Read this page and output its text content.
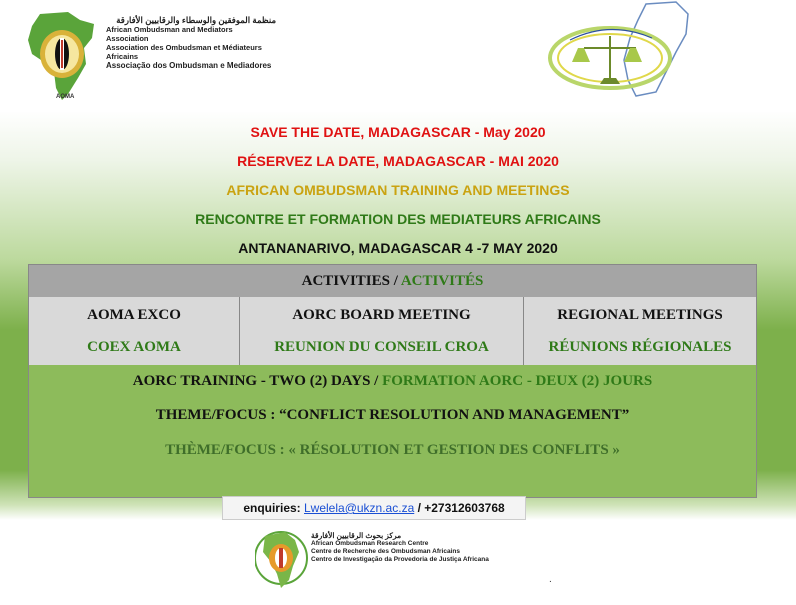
AOMA
منظمة الموفقين والوسطاء والرقابيين الأفارقة
African Ombudsman and Mediators Association
Association des Ombudsman et Médiateurs Africains
Associação dos Ombudsman e Mediadores
SAVE THE DATE, MADAGASCAR - May 2020
RÉSERVEZ LA DATE, MADAGASCAR - MAI 2020
AFRICAN OMBUDSMAN TRAINING AND MEETINGS
RENCONTRE ET FORMATION DES MEDIATEURS AFRICAINS
ANTANANARIVO, MADAGASCAR 4 -7 MAY 2020
ACTIVITIES / ACTIVITÉS
AOMA EXCO
COEX AOMA
AORC BOARD MEETING
REUNION DU CONSEIL CROA
REGIONAL MEETINGS
RÉUNIONS RÉGIONALES
AORC TRAINING - TWO (2) DAYS / FORMATION AORC - DEUX (2) JOURS
THEME/FOCUS : “CONFLICT RESOLUTION AND MANAGEMENT”
THÈME/FOCUS : « RÉSOLUTION ET GESTION DES CONFLITS »
enquiries: Lwelela@ukzn.ac.za / +27312603768
مركز بحوث الرقابيين الأفارقة
African Ombudsman Research Centre
Centre de Recherche des Ombudsman Africains
Centro de Investigação da Provedoria de Justiça Africana
.
